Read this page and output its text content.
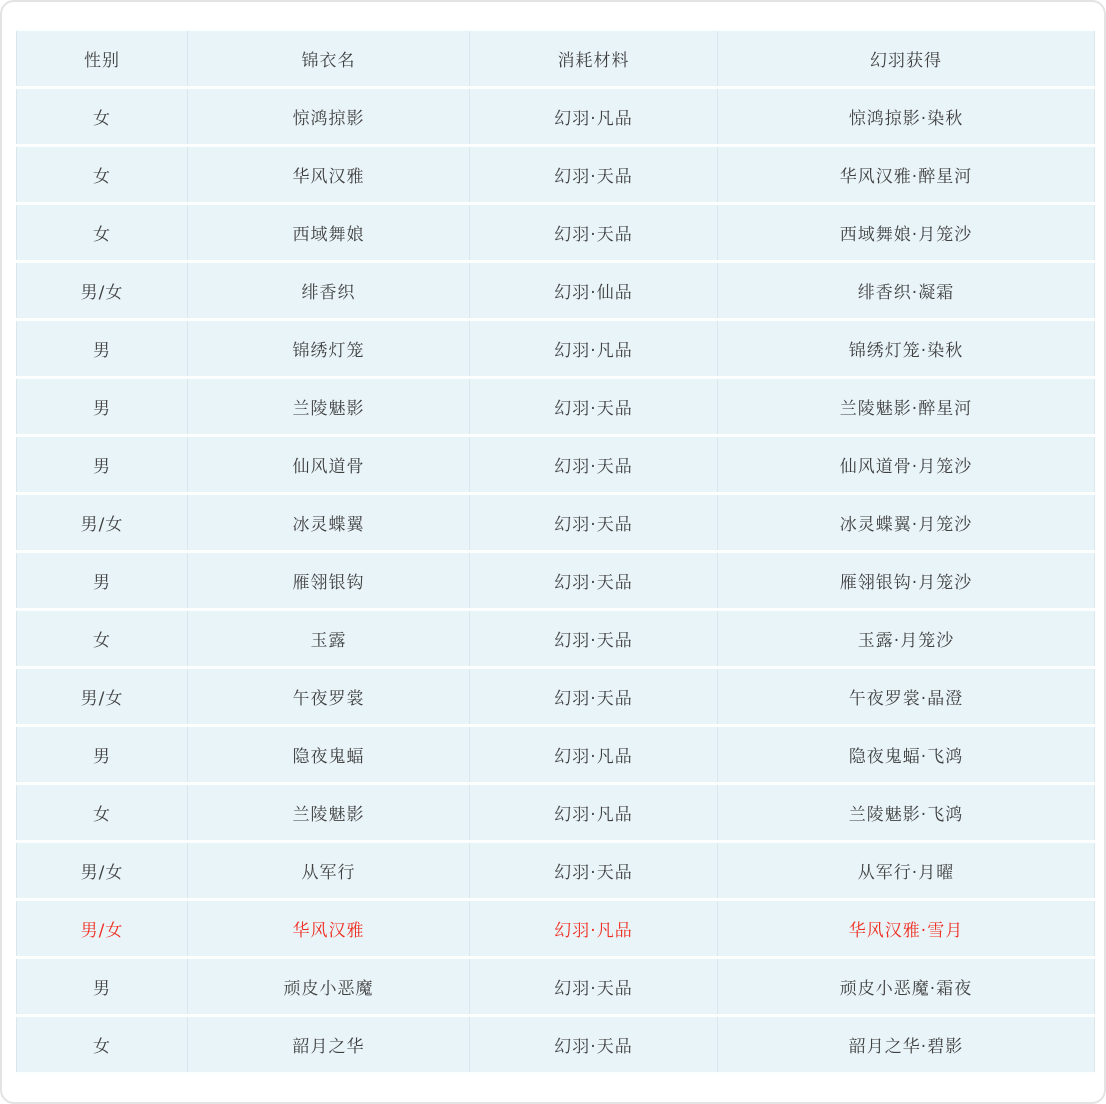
性别	锦衣名	消耗材料	幻羽获得
女	惊鸿掠影	幻羽·凡品	惊鸿掠影·染秋
女	华风汉雅	幻羽·天品	华风汉雅·醉星河
女	西域舞娘	幻羽·天品	西域舞娘·月笼沙
男/女	绯香织	幻羽·仙品	绯香织·凝霜
男	锦绣灯笼	幻羽·凡品	锦绣灯笼·染秋
男	兰陵魅影	幻羽·天品	兰陵魅影·醉星河
男	仙风道骨	幻羽·天品	仙风道骨·月笼沙
男/女	冰灵蝶翼	幻羽·天品	冰灵蝶翼·月笼沙
男	雁翎银钩	幻羽·天品	雁翎银钩·月笼沙
女	玉露	幻羽·天品	玉露·月笼沙
男/女	午夜罗裳	幻羽·天品	午夜罗裳·晶澄
男	隐夜鬼蝠	幻羽·凡品	隐夜鬼蝠·飞鸿
女	兰陵魅影	幻羽·凡品	兰陵魅影·飞鸿
男/女	从军行	幻羽·天品	从军行·月曜
男/女	华风汉雅	幻羽·凡品	华风汉雅·雪月
男	顽皮小恶魔	幻羽·天品	顽皮小恶魔·霜夜
女	韶月之华	幻羽·天品	韶月之华·碧影
